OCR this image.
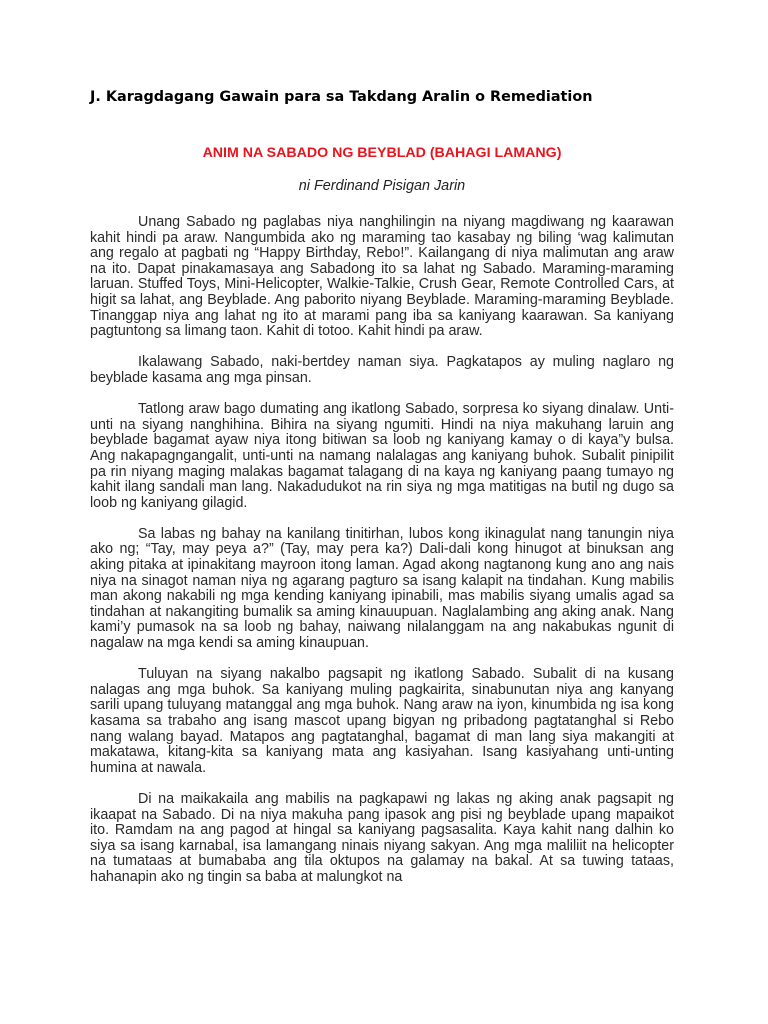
J. Karagdagang Gawain para sa Takdang Aralin o Remediation
ANIM NA SABADO NG BEYBLAD (BAHAGI LAMANG)

ni Ferdinand Pisigan Jarin

Unang Sabado ng paglabas niya nanghilingin na niyang magdiwang ng kaarawan kahit hindi pa araw. Nangumbida ako ng maraming tao kasabay ng biling ‘wag kalimutan ang regalo at pagbati ng “Happy Birthday, Rebo!”. Kailangang di niya malimutan ang araw na ito. Dapat pinakamasaya ang Sabadong ito sa lahat ng Sabado. Maraming-maraming laruan. Stuffed Toys, Mini-Helicopter, Walkie-Talkie, Crush Gear, Remote Controlled Cars, at higit sa lahat, ang Beyblade. Ang paborito niyang Beyblade. Maraming-maraming Beyblade. Tinanggap niya ang lahat ng ito at marami pang iba sa kaniyang kaarawan. Sa kaniyang pagtuntong sa limang taon. Kahit di totoo. Kahit hindi pa araw.

Ikalawang Sabado, naki-bertdey naman siya. Pagkatapos ay muling naglaro ng beyblade kasama ang mga pinsan.

Tatlong araw bago dumating ang ikatlong Sabado, sorpresa ko siyang dinalaw. Unti-unti na siyang nanghihina. Bihira na siyang ngumiti. Hindi na niya makuhang laruin ang beyblade bagamat ayaw niya itong bitiwan sa loob ng kaniyang kamay o di kaya”y bulsa. Ang nakapagngangalit, unti-unti na namang nalalagas ang kaniyang buhok. Subalit pinipilit pa rin niyang maging malakas bagamat talagang di na kaya ng kaniyang paang tumayo ng kahit ilang sandali man lang. Nakadudukot na rin siya ng mga matitigas na butil ng dugo sa loob ng kaniyang gilagid.

Sa labas ng bahay na kanilang tinitirhan, lubos kong ikinagulat nang tanungin niya ako ng; “Tay, may peya a?” (Tay, may pera ka?) Dali-dali kong hinugot at binuksan ang aking pitaka at ipinakitang mayroon itong laman. Agad akong nagtanong kung ano ang nais niya na sinagot naman niya ng agarang pagturo sa isang kalapit na tindahan. Kung mabilis man akong nakabili ng mga kending kaniyang ipinabili, mas mabilis siyang umalis agad sa tindahan at nakangiting bumalik sa aming kinauupuan. Naglalambing ang aking anak. Nang kami’y pumasok na sa loob ng bahay, naiwang nilalanggam na ang nakabukas ngunit di nagalaw na mga kendi sa aming kinaupuan.

Tuluyan na siyang nakalbo pagsapit ng ikatlong Sabado. Subalit di na kusang nalagas ang mga buhok. Sa kaniyang muling pagkairita, sinabunutan niya ang kanyang sarili upang tuluyang matanggal ang mga buhok. Nang araw na iyon, kinumbida ng isa kong kasama sa trabaho ang isang mascot upang bigyan ng pribadong pagtatanghal si Rebo nang walang bayad. Matapos ang pagtatanghal, bagamat di man lang siya makangiti at makatawa, kitang-kita sa kaniyang mata ang kasiyahan. Isang kasiyahang unti-unting humina at nawala.

Di na maikakaila ang mabilis na pagkapawi ng lakas ng aking anak pagsapit ng ikaapat na Sabado. Di na niya makuha pang ipasok ang pisi ng beyblade upang mapaikot ito. Ramdam na ang pagod at hingal sa kaniyang pagsasalita. Kaya kahit nang dalhin ko siya sa isang karnabal, isa lamangang ninais niyang sakyan. Ang mga maliliit na helicopter na tumataas at bumababa ang tila oktupos na galamay na bakal. At sa tuwing tataas, hahanapin ako ng tingin sa baba at malungkot na
